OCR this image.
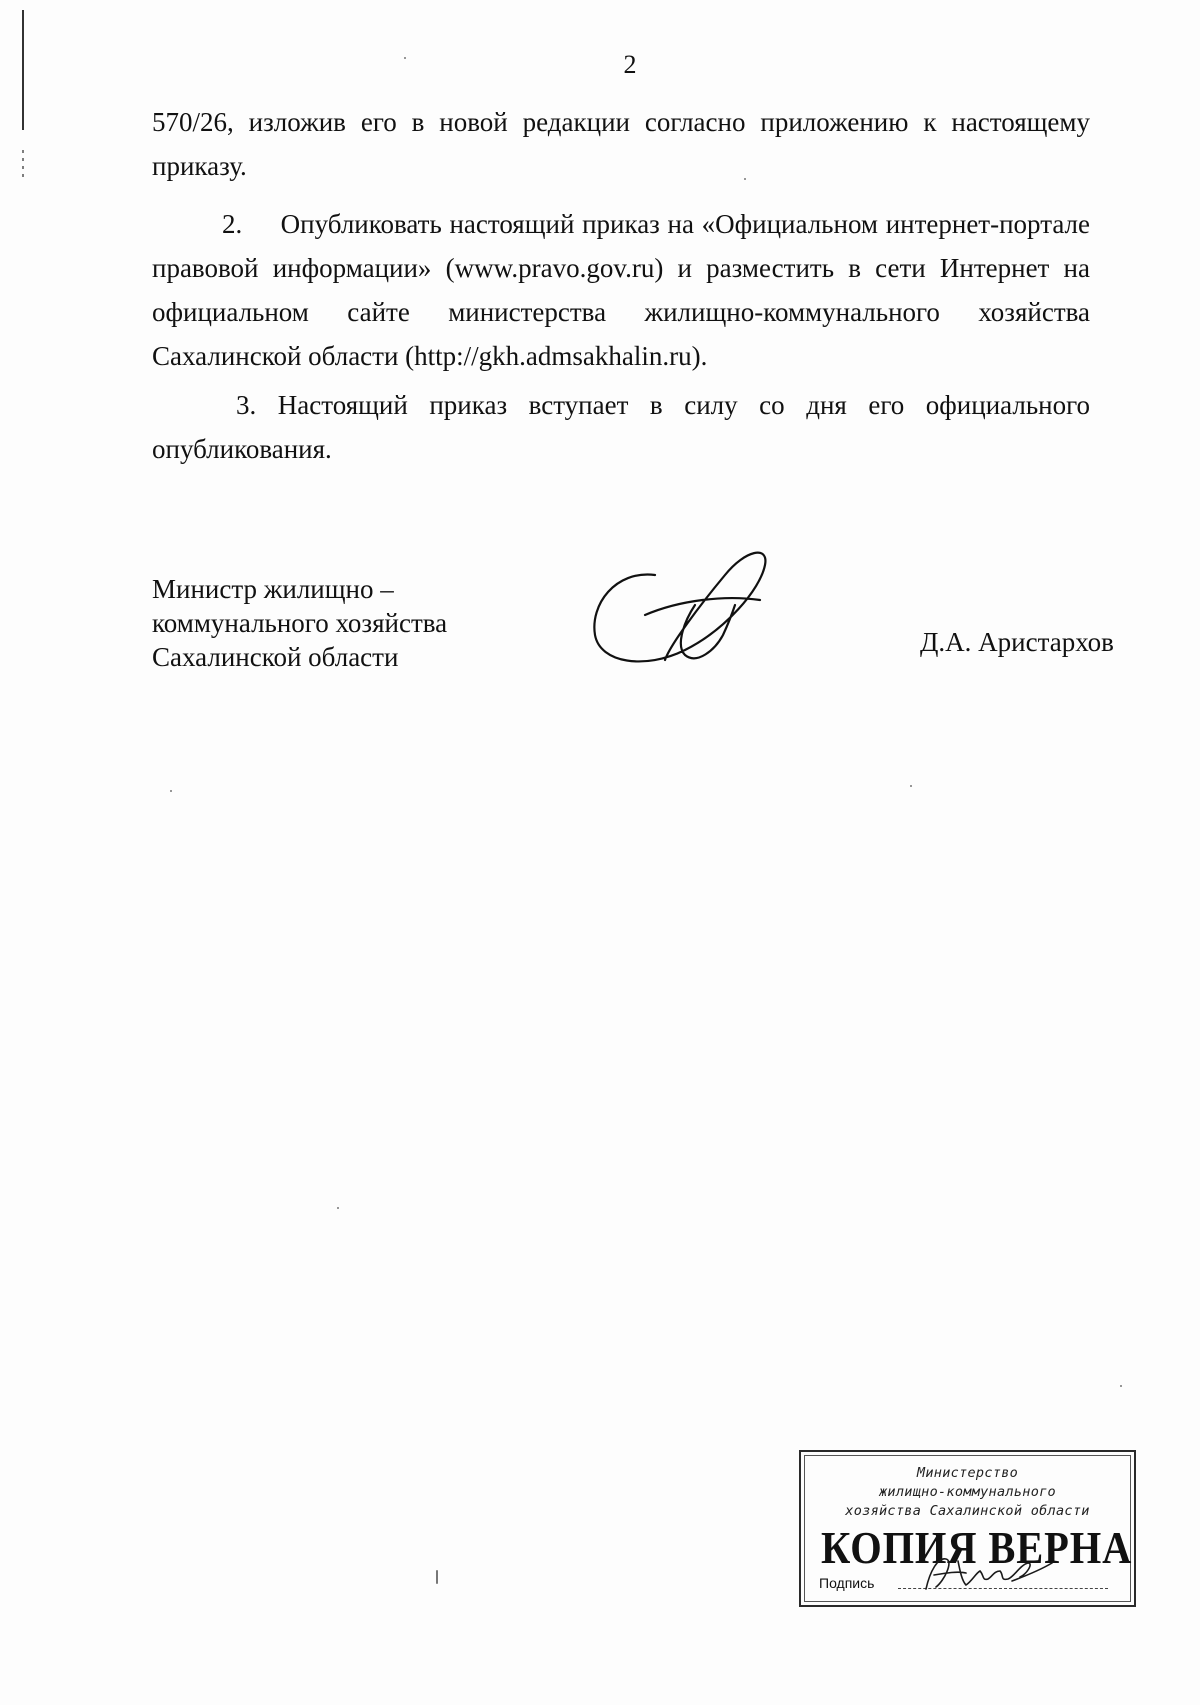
2

570/26, изложив его в новой редакции согласно приложению к настоящему приказу.

2.     Опубликовать настоящий приказ на «Официальном интернет-портале правовой информации» (www.pravo.gov.ru) и разместить в сети Интернет на официальном сайте министерства жилищно-коммунального хозяйства Сахалинской области (http://gkh.admsakhalin.ru).

3. Настоящий приказ вступает в силу со дня его официального опубликования.

Министр жилищно –
коммунального хозяйства
Сахалинской области	Д.А. Аристархов
Министерство
жилищно-коммунального
хозяйства Сахалинской области
КОПИЯ ВЕРНА
Подпись
